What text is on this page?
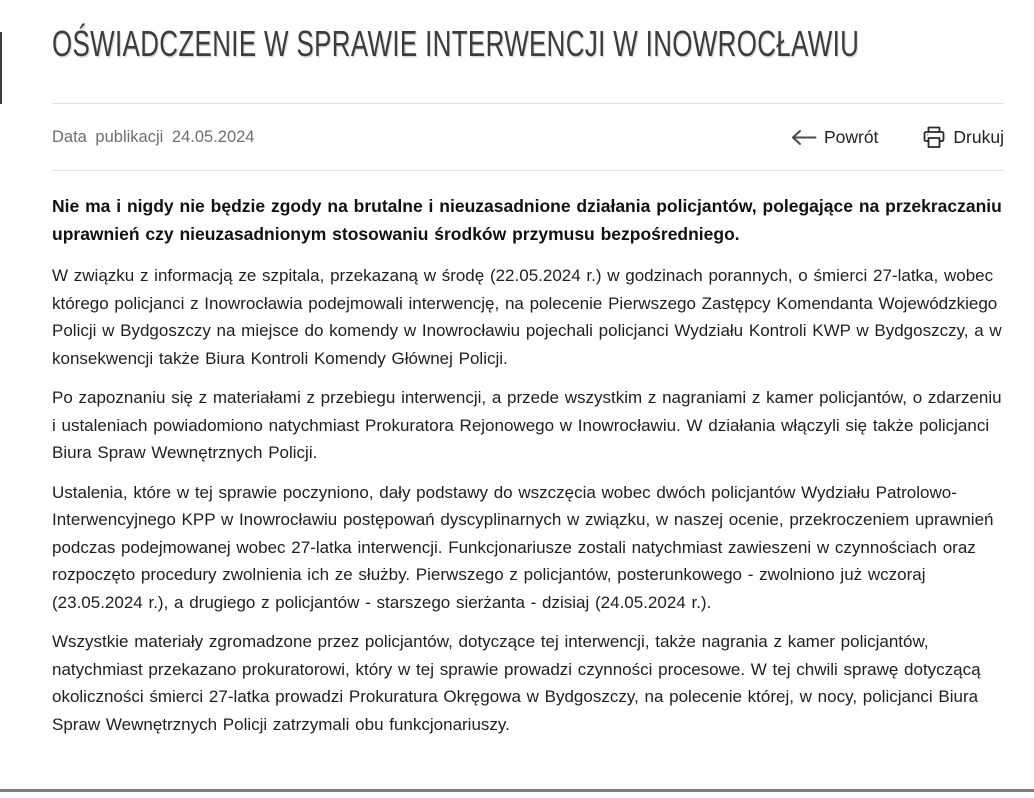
OŚWIADCZENIE W SPRAWIE INTERWENCJI W INOWROCŁAWIU
Data publikacji 24.05.2024	Powrót	Drukuj

Nie ma i nigdy nie będzie zgody na brutalne i nieuzasadnione działania policjantów, polegające na przekraczaniu uprawnień czy nieuzasadnionym stosowaniu środków przymusu bezpośredniego.

W związku z informacją ze szpitala, przekazaną w środę (22.05.2024 r.) w godzinach porannych, o śmierci 27-latka, wobec którego policjanci z Inowrocławia podejmowali interwencję, na polecenie Pierwszego Zastępcy Komendanta Wojewódzkiego Policji w Bydgoszczy na miejsce do komendy w Inowrocławiu pojechali policjanci Wydziału Kontroli KWP w Bydgoszczy, a w konsekwencji także Biura Kontroli Komendy Głównej Policji.

Po zapoznaniu się z materiałami z przebiegu interwencji, a przede wszystkim z nagraniami z kamer policjantów, o zdarzeniu i ustaleniach powiadomiono natychmiast Prokuratora Rejonowego w Inowrocławiu. W działania włączyli się także policjanci Biura Spraw Wewnętrznych Policji.

Ustalenia, które w tej sprawie poczyniono, dały podstawy do wszczęcia wobec dwóch policjantów Wydziału Patrolowo-Interwencyjnego KPP w Inowrocławiu postępowań dyscyplinarnych w związku, w naszej ocenie, przekroczeniem uprawnień podczas podejmowanej wobec 27-latka interwencji. Funkcjonariusze zostali natychmiast zawieszeni w czynnościach oraz rozpoczęto procedury zwolnienia ich ze służby. Pierwszego z policjantów, posterunkowego - zwolniono już wczoraj (23.05.2024 r.), a drugiego z policjantów - starszego sierżanta - dzisiaj (24.05.2024 r.).

Wszystkie materiały zgromadzone przez policjantów, dotyczące tej interwencji, także nagrania z kamer policjantów, natychmiast przekazano prokuratorowi, który w tej sprawie prowadzi czynności procesowe. W tej chwili sprawę dotyczącą okoliczności śmierci 27-latka prowadzi Prokuratura Okręgowa w Bydgoszczy, na polecenie której, w nocy, policjanci Biura Spraw Wewnętrznych Policji zatrzymali obu funkcjonariuszy.
